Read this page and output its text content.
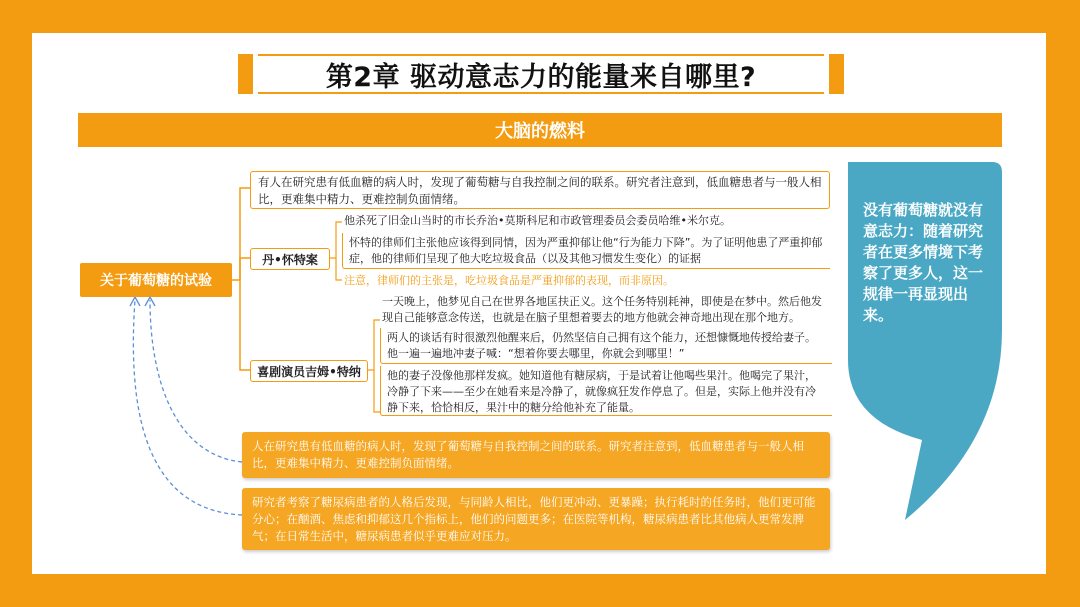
第2章 驱动意志力的能量来自哪里?
大脑的燃料
关于葡萄糖的试验
有人在研究患有低血糖的病人时，发现了葡萄糖与自我控制之间的联系。研究者注意到，低血糖患者与一般人相比，更难集中精力、更难控制负面情绪。
丹•怀特案
他杀死了旧金山当时的市长乔治•莫斯科尼和市政管理委员会委员哈维•米尔克。
怀特的律师们主张他应该得到同情，因为严重抑郁让他“行为能力下降”。为了证明他患了严重抑郁症，他的律师们呈现了他大吃垃圾食品（以及其他习惯发生变化）的证据
注意，律师们的主张是，吃垃圾食品是严重抑郁的表现，而非原因。
喜剧演员吉姆•特纳
一天晚上，他梦见自己在世界各地匡扶正义。这个任务特别耗神，即使是在梦中。然后他发现自己能够意念传送，也就是在脑子里想着要去的地方他就会神奇地出现在那个地方。
两人的谈话有时很激烈他醒来后，仍然坚信自己拥有这个能力，还想慷慨地传授给妻子。他一遍一遍地冲妻子喊：“想着你要去哪里，你就会到哪里！”
他的妻子没像他那样发疯。她知道他有糖尿病，于是试着让他喝些果汁。他喝完了果汁，冷静了下来——至少在她看来是冷静了，就像疯狂发作停息了。但是，实际上他并没有冷静下来，恰恰相反，果汁中的糖分给他补充了能量。
人在研究患有低血糖的病人时，发现了葡萄糖与自我控制之间的联系。研究者注意到，低血糖患者与一般人相比，更难集中精力、更难控制负面情绪。
研究者考察了糖尿病患者的人格后发现，与同龄人相比，他们更冲动、更暴躁；执行耗时的任务时，他们更可能分心；在酗酒、焦虑和抑郁这几个指标上，他们的问题更多；在医院等机构，糖尿病患者比其他病人更常发脾气；在日常生活中，糖尿病患者似乎更难应对压力。
没有葡萄糖就没有意志力：随着研究者在更多情境下考察了更多人，这一规律一再显现出来。
